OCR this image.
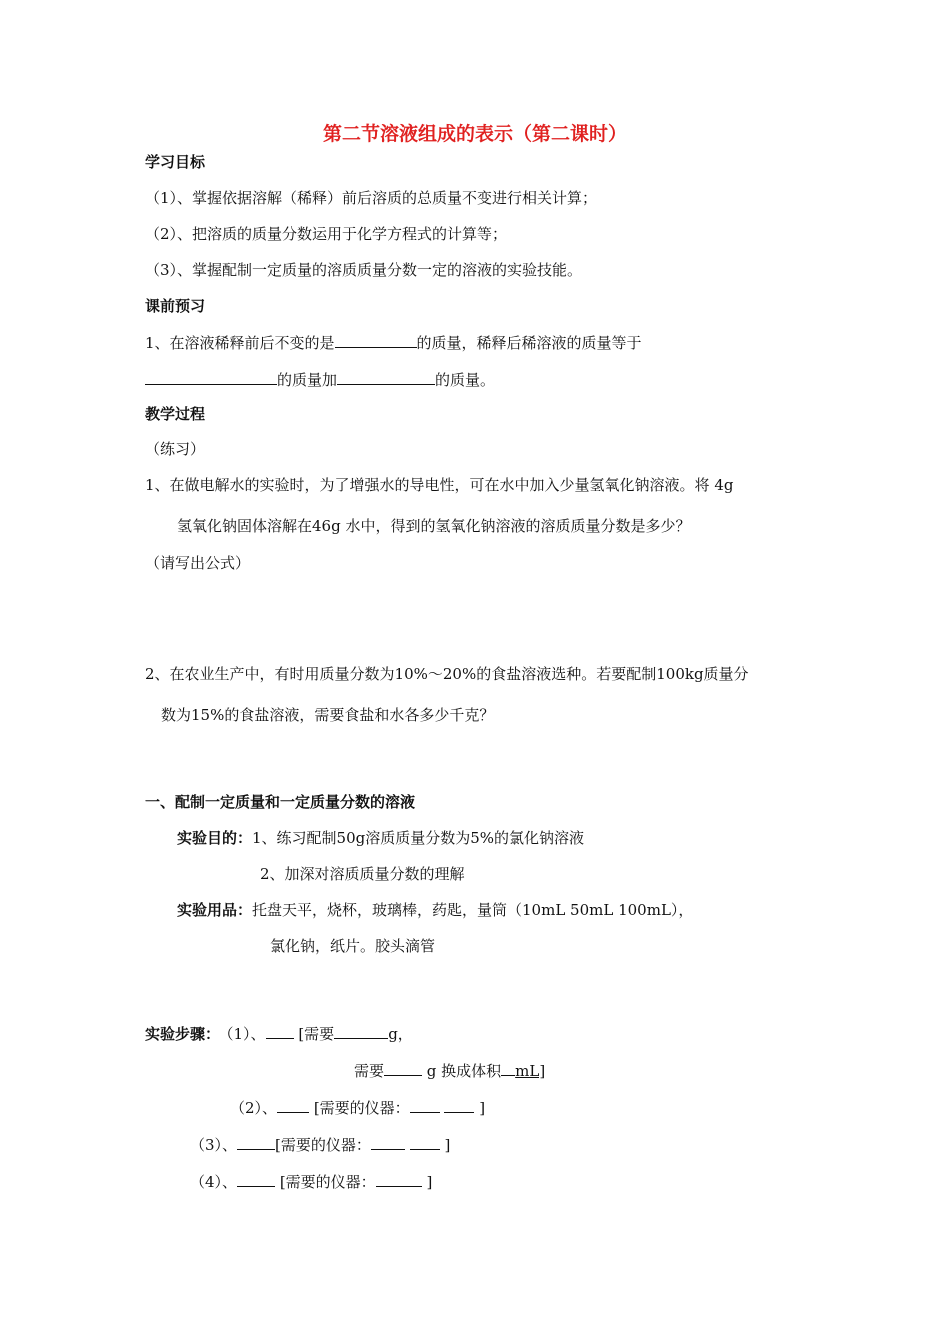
第二节溶液组成的表示（第二课时）
学习目标
（1）、掌握依据溶解（稀释）前后溶质的总质量不变进行相关计算；
（2）、把溶质的质量分数运用于化学方程式的计算等；
（3）、掌握配制一定质量的溶质质量分数一定的溶液的实验技能。
课前预习
1、在溶液稀释前后不变的是	的质量，稀释后稀溶液的质量等于
的质量加	的质量。
教学过程
（练习）
1、在做电解水的实验时，为了增强水的导电性，可在水中加入少量氢氧化钠溶液。将 4g
氢氧化钠固体溶解在46g 水中，得到的氢氧化钠溶液的溶质质量分数是多少？
（请写出公式）
2、在农业生产中，有时用质量分数为10%～20%的食盐溶液选种。若要配制100kg质量分
数为15%的食盐溶液，需要食盐和水各多少千克？
一、配制一定质量和一定质量分数的溶液
实验目的：1、练习配制50g溶质质量分数为5%的氯化钠溶液
2、加深对溶质质量分数的理解
实验用品：托盘天平，烧杯，玻璃棒，药匙，量筒（10mL 50mL 100mL），
氯化钠，纸片。胶头滴管
实验步骤： （1）、 [需要	g，
需要	g 换成体积 mL]
（2）、 [需要的仪器：	]
（3）、	[需要的仪器：	]
（4）、	[需要的仪器：	]
